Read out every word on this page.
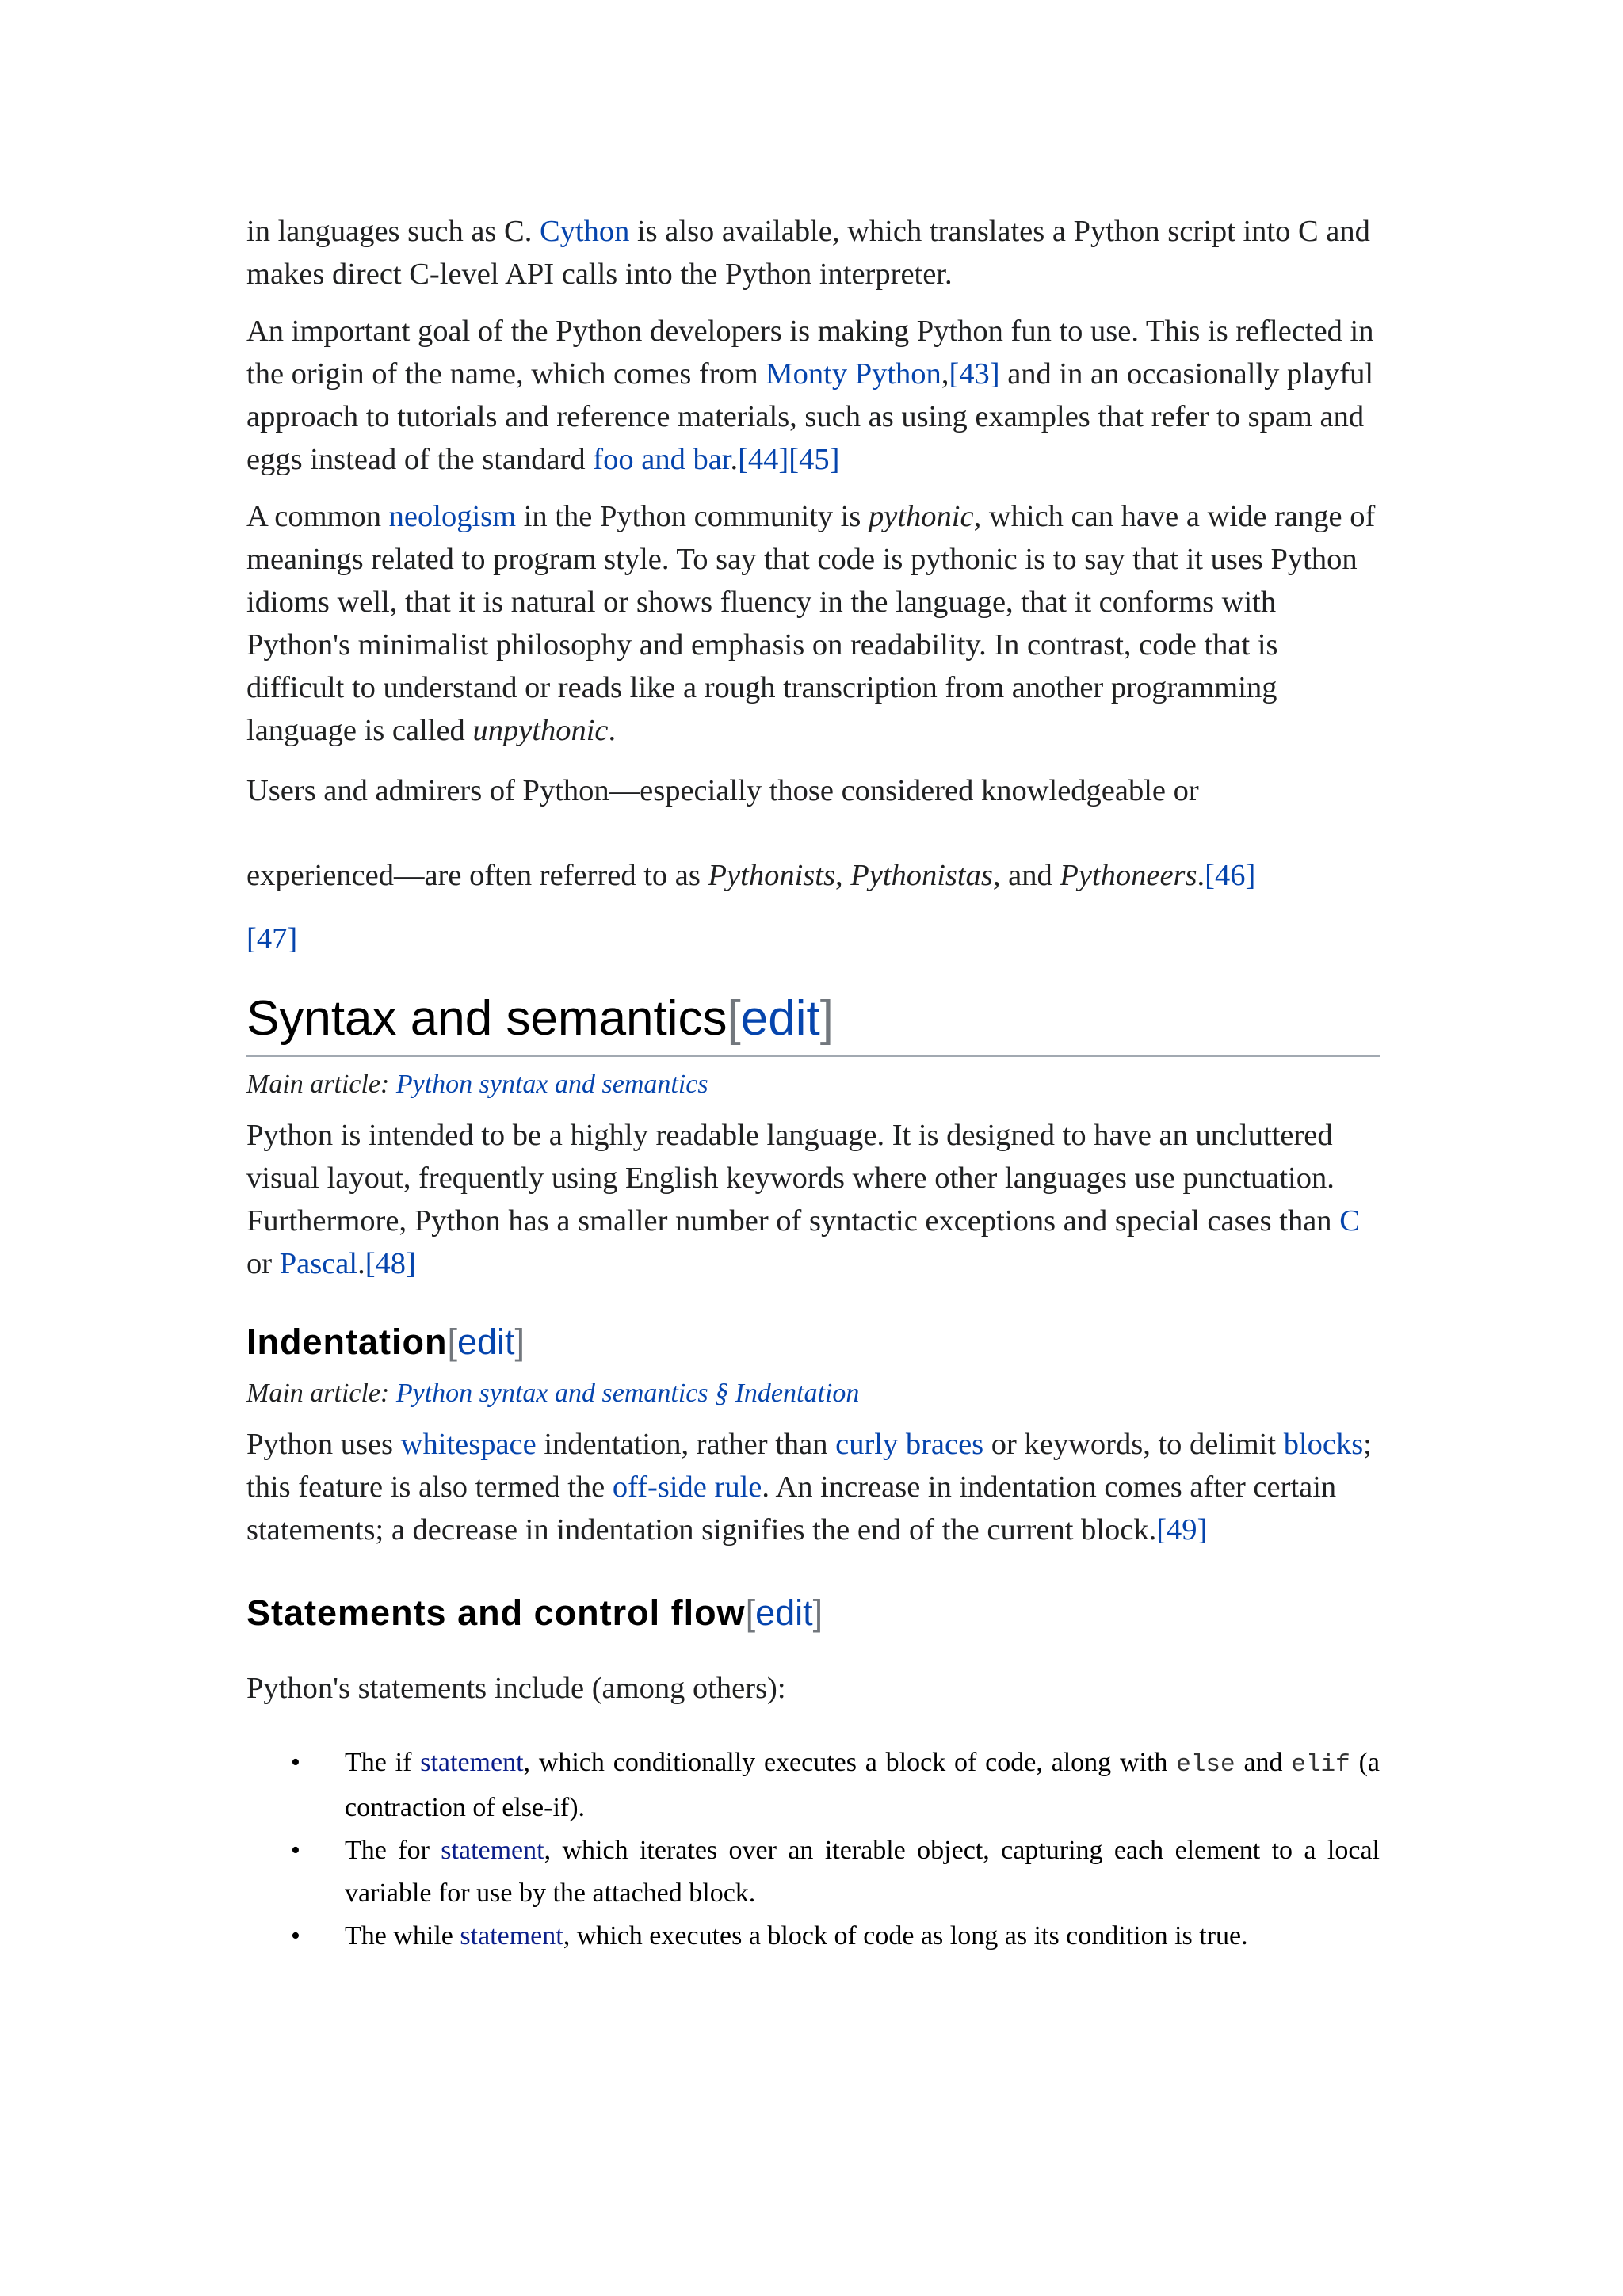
in languages such as C. Cython is also available, which translates a Python script into C and makes direct C-level API calls into the Python interpreter.

An important goal of the Python developers is making Python fun to use. This is reflected in the origin of the name, which comes from Monty Python,[43] and in an occasionally playful approach to tutorials and reference materials, such as using examples that refer to spam and eggs instead of the standard foo and bar.[44][45]

A common neologism in the Python community is pythonic, which can have a wide range of meanings related to program style. To say that code is pythonic is to say that it uses Python idioms well, that it is natural or shows fluency in the language, that it conforms with Python's minimalist philosophy and emphasis on readability. In contrast, code that is difficult to understand or reads like a rough transcription from another programming language is called unpythonic.

Users and admirers of Python—especially those considered knowledgeable or

experienced—are often referred to as Pythonists, Pythonistas, and Pythoneers.[46]

[47]

Syntax and semantics[edit]

Main article: Python syntax and semantics

Python is intended to be a highly readable language. It is designed to have an uncluttered visual layout, frequently using English keywords where other languages use punctuation. Furthermore, Python has a smaller number of syntactic exceptions and special cases than C or Pascal.[48]

Indentation[edit]

Main article: Python syntax and semantics § Indentation

Python uses whitespace indentation, rather than curly braces or keywords, to delimit blocks; this feature is also termed the off-side rule. An increase in indentation comes after certain statements; a decrease in indentation signifies the end of the current block.[49]

Statements and control flow[edit]

Python's statements include (among others):

• The if statement, which conditionally executes a block of code, along with else and elif (a contraction of else-if).
• The for statement, which iterates over an iterable object, capturing each element to a local variable for use by the attached block.
• The while statement, which executes a block of code as long as its condition is true.
